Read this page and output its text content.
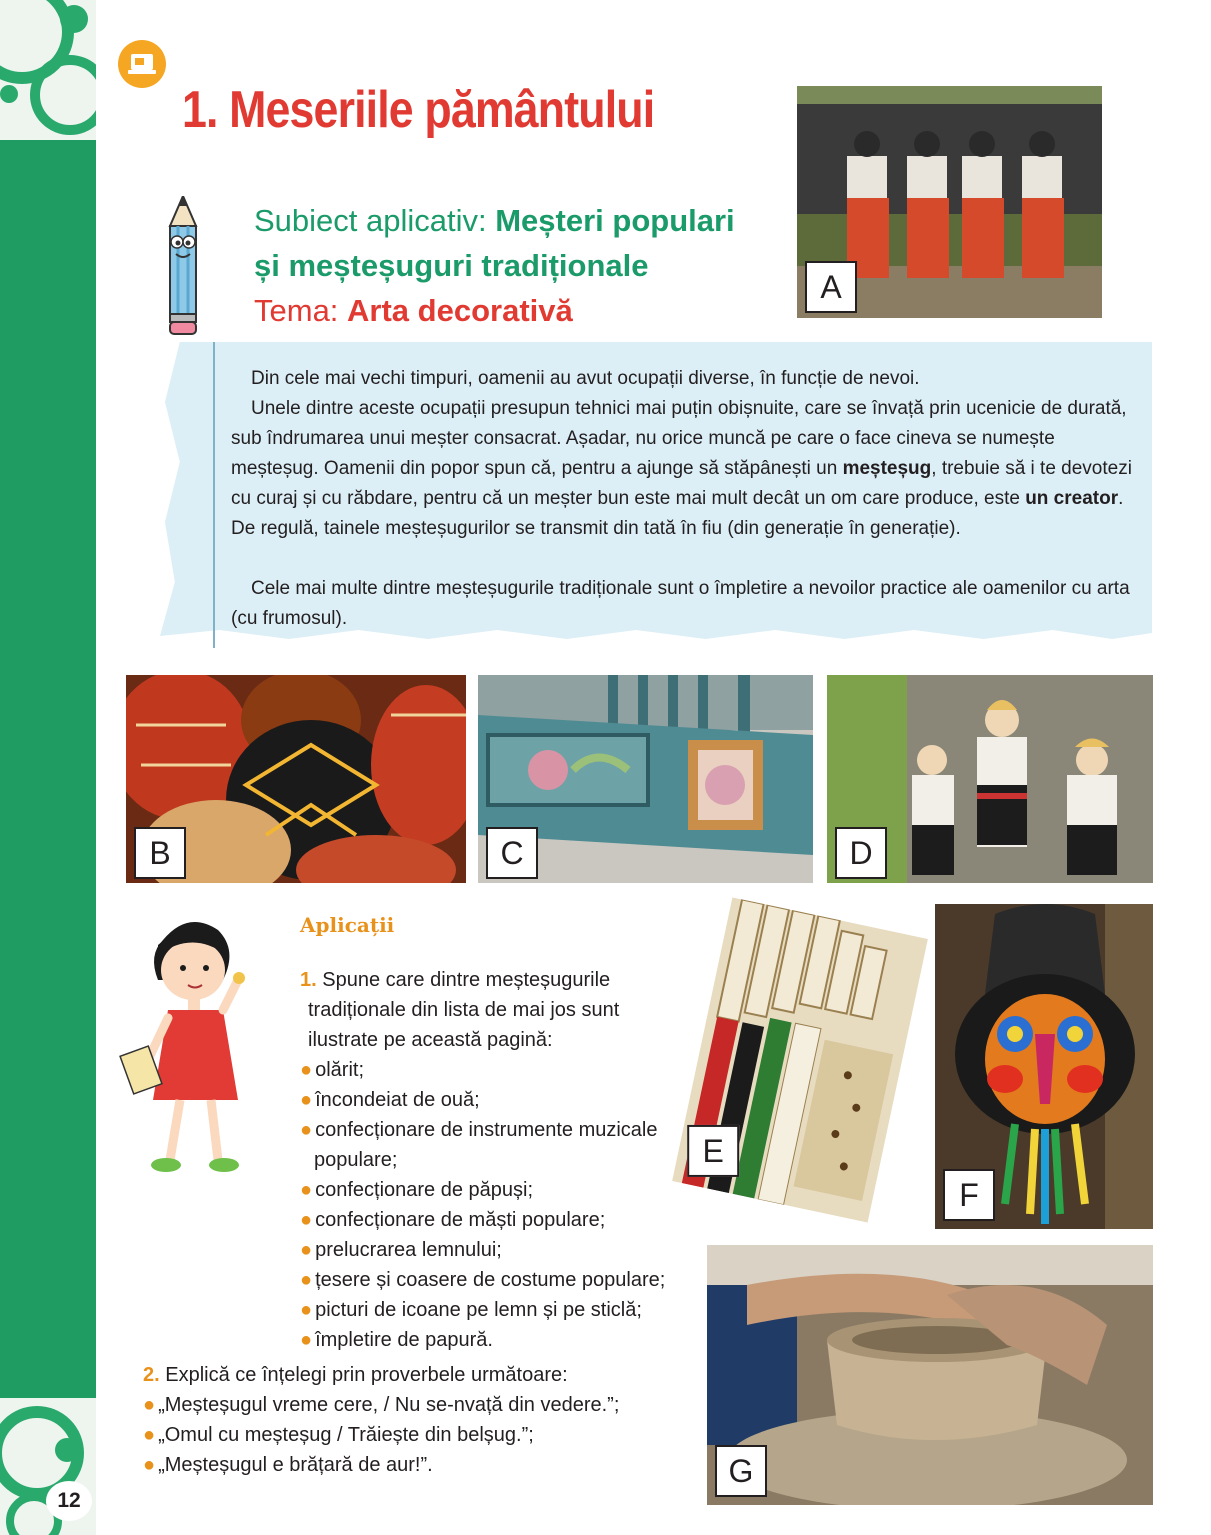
12
1. Meseriile pământului
Subiect aplicativ: Meșteri populari
și meșteșuguri tradiționale
Tema: Arta decorativă
A

Din cele mai vechi timpuri, oamenii au avut ocupații diverse, în funcție de nevoi.

Unele dintre aceste ocupații presupun tehnici mai puțin obișnuite, care se învață prin ucenicie de durată, sub îndrumarea unui meșter consacrat. Așadar, nu orice muncă pe care o face cineva se numește meșteșug. Oamenii din popor spun că, pentru a ajunge să stăpânești un meșteșug, trebuie să i te devotezi cu curaj și cu răbdare, pentru că un meșter bun este mai mult decât un om care produce, este un creator. De regulă, tainele meșteșugurilor se transmit din tată în fiu (din generație în generație).

Cele mai multe dintre meșteșugurile tradiționale sunt o împletire a nevoilor practice ale oamenilor cu arta (cu frumosul).

B	C	D
Aplicații
1. Spune care dintre meșteșugurile tradiționale din lista de mai jos sunt ilustrate pe această pagină:
● olărit;
● încondeiat de ouă;
● confecționare de instrumente muzicale populare;
● confecționare de păpuși;
● confecționare de măști populare;
● prelucrarea lemnului;
● țesere și coasere de costume populare;
● picturi de icoane pe lemn și pe sticlă;
● împletire de papură.
2. Explică ce înțelegi prin proverbele următoare:
● „Meșteșugul vreme cere, / Nu se-nvață din vedere.”;
● „Omul cu meșteșug / Trăiește din belșug.”;
● „Meșteșugul e brățară de aur!”.
E
F
G
